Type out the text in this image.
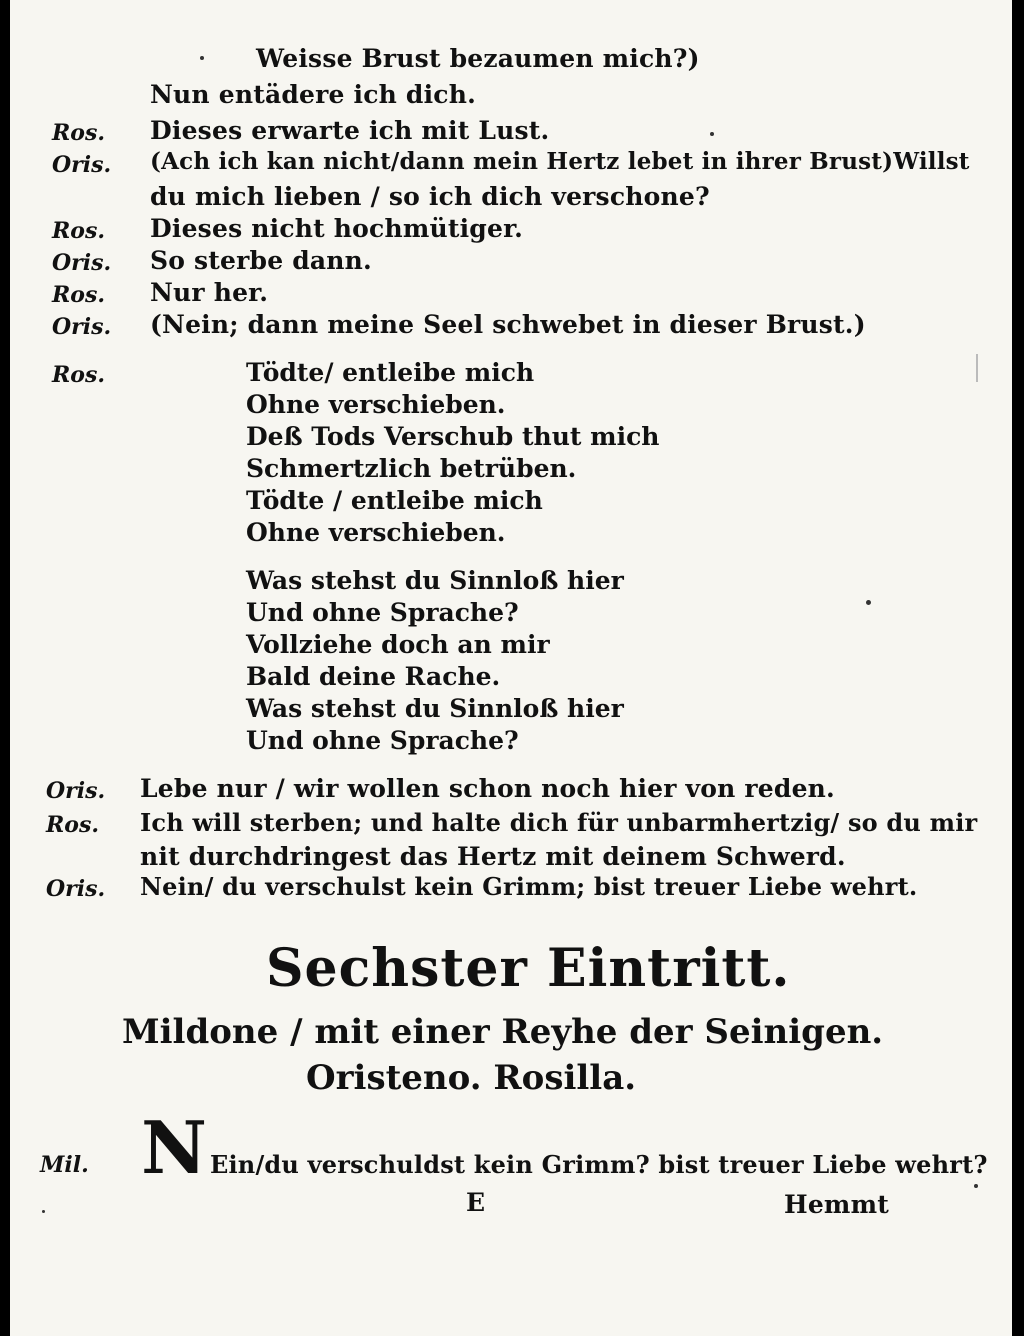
Weisse Brust bezaumen mich?)
Nun entädere ich dich.
Ros. Dieses erwarte ich mit Lust.
Oris. (Ach ich kan nicht/dann mein Hertz lebet in ihrer Brust)Willst
du mich lieben / so ich dich verschone?
Ros. Dieses nicht hochmütiger.
Oris. So sterbe dann.
Ros. Nur her.
Oris. (Nein; dann meine Seel schwebet in dieser Brust.)
Ros.	Tödte/ entleibe mich
Ohne verschieben.
Deß Tods Verschub thut mich
Schmertzlich betrüben.
Tödte / entleibe mich
Ohne verschieben.
Was stehst du Sinnloß hier
Und ohne Sprache?
Vollziehe doch an mir
Bald deine Rache.
Was stehst du Sinnloß hier
Und ohne Sprache?
Oris. Lebe nur / wir wollen schon noch hier von reden.
Ros. Ich will sterben; und halte dich für unbarmhertzig/ so du mir
nit durchdringest das Hertz mit deinem Schwerd.
Oris. Nein/ du verschulst kein Grimm; bist treuer Liebe wehrt.
Sechster Eintritt.
Mildone / mit einer Reyhe der Seinigen.
Oristeno. Rosilla.
Mil. N Ein/du verschuldst kein Grimm? bist treuer Liebe wehrt?
E	Hemmt
